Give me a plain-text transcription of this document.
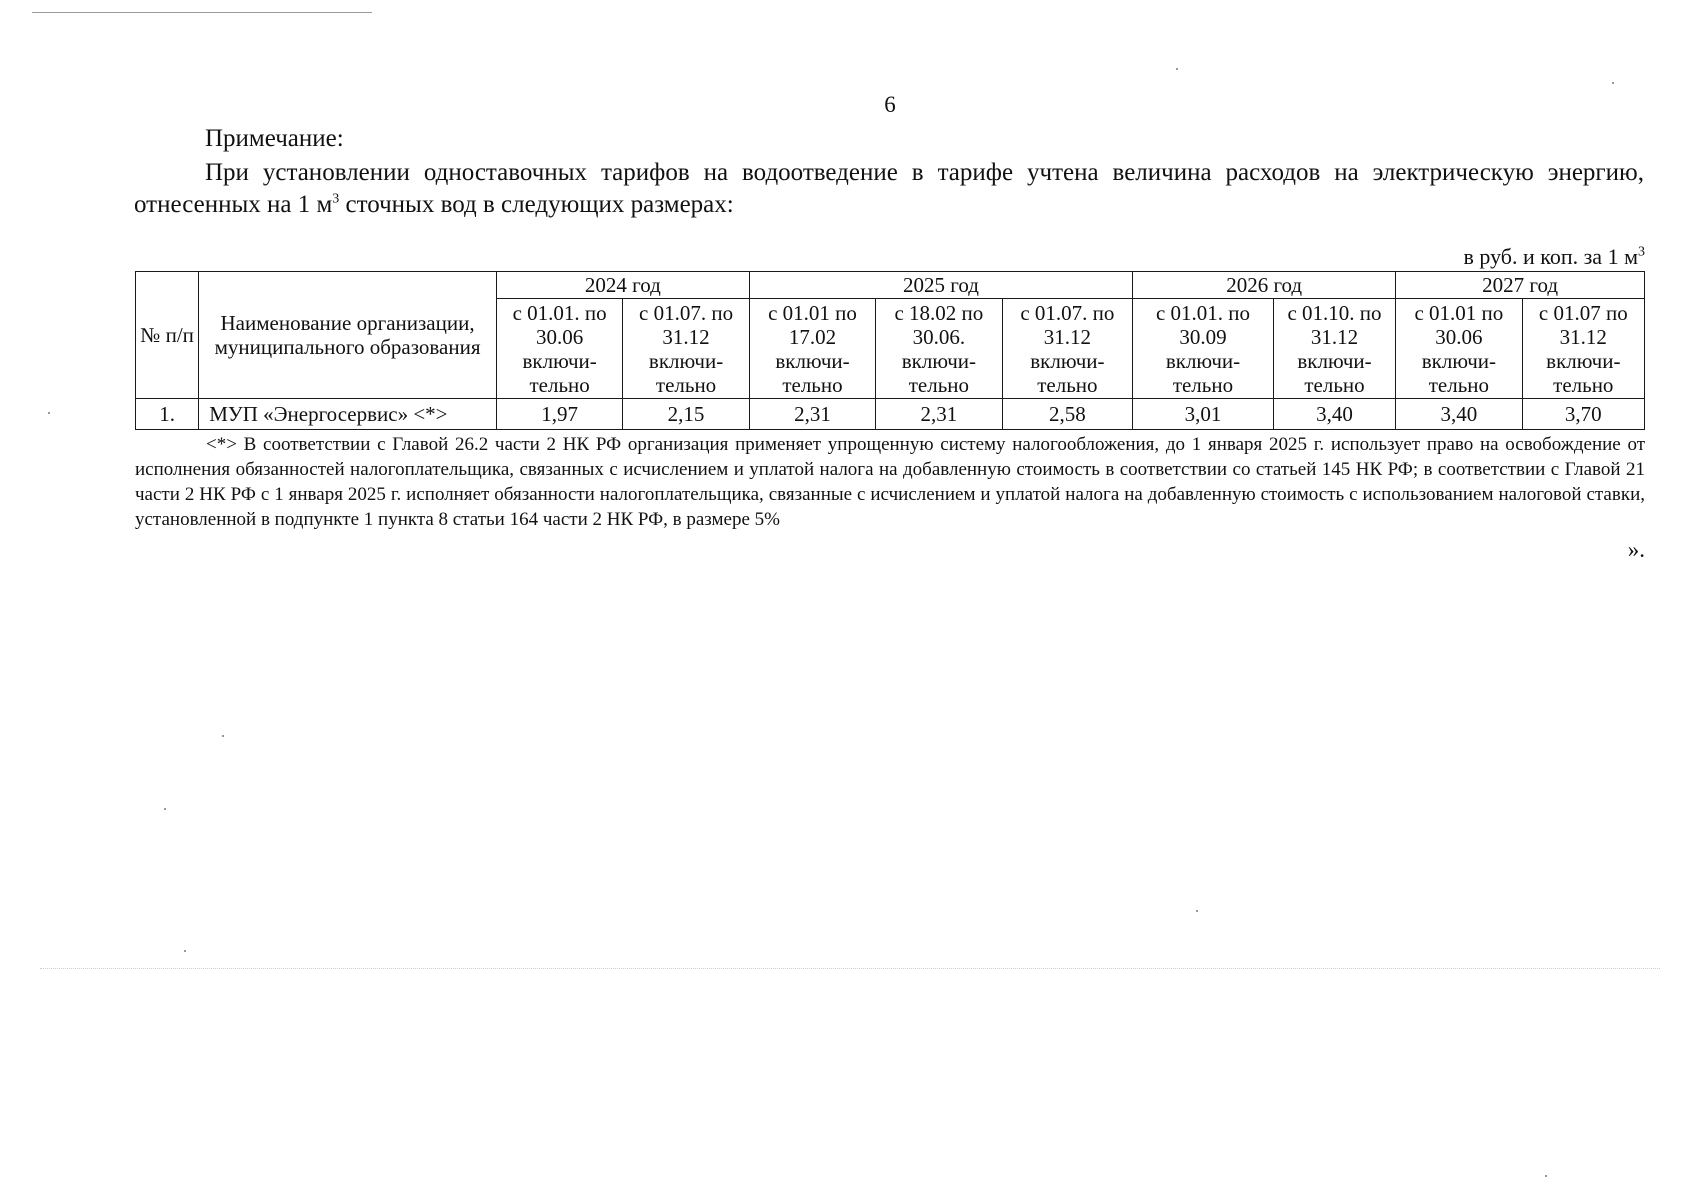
6
Примечание:
При установлении одноставочных тарифов на водоотведение в тарифе учтена величина расходов на электрическую энергию, отнесенных на 1 $м^3$ сточных вод в следующих размерах:
в руб. и коп. за 1 $м^3$
№ п/п	Наименование организации, муниципального образования	2024 год		2025 год			2026 год		2027 год	

		с 01.01. по
30.06
включи-
тельно	с 01.07. по
31.12
включи-
тельно	с 01.01 по
17.02
включи-
тельно	с 18.02 по
30.06.
включи-
тельно	с 01.07. по
31.12
включи-
тельно	с 01.01. по
30.09
включи-
тельно	с 01.10. по
31.12
включи-
тельно	с 01.01 по
30.06
включи-
тельно	с 01.07 по
31.12
включи-
тельно

1.	МУП «Энергосервис» <*>	1,97	2,15	2,31	2,31	2,58	3,01	3,40	3,40	3,70
<*> В соответствии с Главой 26.2 части 2 НК РФ организация применяет упрощенную систему налогообложения, до 1 января 2025 г. использует право на освобождение от исполнения обязанностей налогоплательщика, связанных с исчислением и уплатой налога на добавленную стоимость в соответствии со статьей 145 НК РФ; в соответствии с Главой 21 части 2 НК РФ с 1 января 2025 г. исполняет обязанности налогоплательщика, связанные с исчислением и уплатой налога на добавленную стоимость с использованием налоговой ставки, установленной в подпункте 1 пункта 8 статьи 164 части 2 НК РФ, в размере 5%
».
